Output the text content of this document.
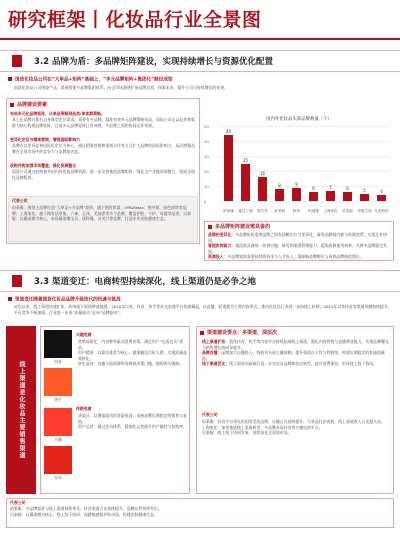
研究框架丨化妆品行业全景图
3.2 品牌为盾：多品牌矩阵建设，实现持续增长与资源优化配置
国货化妆品公司在“大单品+矩阵”基础上，“多元品牌矩阵+集团化”路径成型
国货化妆品公司围绕产品、渠道搭建多品牌集团体系，向全市场渗透扩展品牌边界，探索未来，提升公司可持续增长的效果。
品牌建设要素
布局多元化品牌矩阵，从单品策略到品类/单客群策略。
本土化品牌内都有自身典型定位需求，需要有多品牌、精准有效多元品牌策略布局，国际公司正以品类和客群为核心构建品牌矩阵，目前多元品牌矩阵已有成熟，多品牌之间的协同运作效果。
差异化定位与精准营销，增强国际影响力
品牌在以差异化和国际化定位为核心，通过精准营销和渠道合作等方式扩大品牌的国际影响力，从而增强品牌在全球市场中的竞争力与品牌知名度。
收购并购加强市场覆盖，强化资源整合
国货公司通过收购兼并国内外优质品牌资源，进一步完善集团品牌矩阵，强化全产业链资源整合，拓展全球化品牌版图。
代表公司
珀莱雅：围绕主品牌打造“大单品+多品牌”矩阵，旗下拥有彩棠、Off&Relax、悦芙媞、原色波塔等品牌；上海家化：旗下拥有佰草集、六神、玉泽、美加净等多个品牌，覆盖护肤、个护、母婴等品类；贝泰妮：以薇诺娜为核心，布局薇诺娜宝贝、瑷科缦、贝芙汀等品牌，打造专业皮肤健康生态。
国内外化妆品头部品牌数量（个）
50
40
30
20
10
0
44
欧莱雅
25
雅诗兰黛
16
资生堂
8
爱茉莉
9
科蒂
6
珀莱雅
7
上海家化
6
贝泰妮
5
华熙生物
4
丸美股份
多品牌矩阵建设需具备的
品牌的差异化：多品牌矩阵需要品牌之间有清晰定位与差异化，避免品牌间内耗与资源浪费，实现互补协同。
管理协同能力：集团需具备统一的供应链、研发和渠道管理能力，提高资源使用效率，支撑多品牌稳定发展。
资源投入：多品牌矩阵需要持续的资金与人才投入，保障新品牌孵化与成熟品牌持续增长。
3.3 渠道变迁：电商转型持续深化，线上渠道仍是必争之地
渠道变迁随着国货化妆品品牌升级迭代的机遇与挑战
近年以来，线上渠道快速扩张，传统线下渠道增速放缓。2020年以来，抖音、快手等社交电商平台快速崛起，以直播、短视频为主要内容形式，推动化妆品行业进一步向线上转移；2023年以来抖音等渠道份额持续提升，平台竞争不断加剧，行业进一步由“流量驱动”走向“品牌驱动”。
线上渠道是化妆品主要销售渠道	抖音
快手
天猫
京东
兴趣电商
营销场景化：内容种草驱动消费决策，满足用户“边看边买”需求。
用户精准：以算法推荐为核心，精准触达目标人群，实现流量高效转化。
转化高效：直播与短视频带货降低决策门槛，缩短购买链路。
传统电商
货架式：以搜索驱动的货架电商，承接品牌长期稳定的销售与复购。
用户运营：通过会员体系、精细化运营提升用户黏性与复购率。
渠道建设要点：多渠道、深层次
线上渠道扩张：依托抖音、快手等内容平台持续拓展线上渠道，强化内容营销与直播带货能力，实现品牌曝光与销售增长的同步提升。
品牌自播：品牌加大自播投入，降低对头部主播依赖，提升渠道自主性与利润率，构建长期稳定的私域流量池。
线下渠道优化：线下渠道向高端百货、专业店及品牌体验店转型，提升消费体验，形成线上线下协同。
代表公司：
珀莱雅：抖音平台领先的国货美妆品牌，自播占比持续提升，大单品打法成熟，线上渠道收入占比超九成。
上海家化：加快推进线上渠道转型，多品牌布局抖音等兴趣电商平台。
贝泰妮：线上线下协同发展，持续深化全渠道布局。
代表公司：
珀莱雅：多品牌矩阵与线上渠道持续领先，抖音渠道占比持续提升，品牌运营效率突出。
贝泰妮：以薇诺娜为核心，线上线下协同，深耕敏感肌护肤市场，构建皮肤健康生态。
